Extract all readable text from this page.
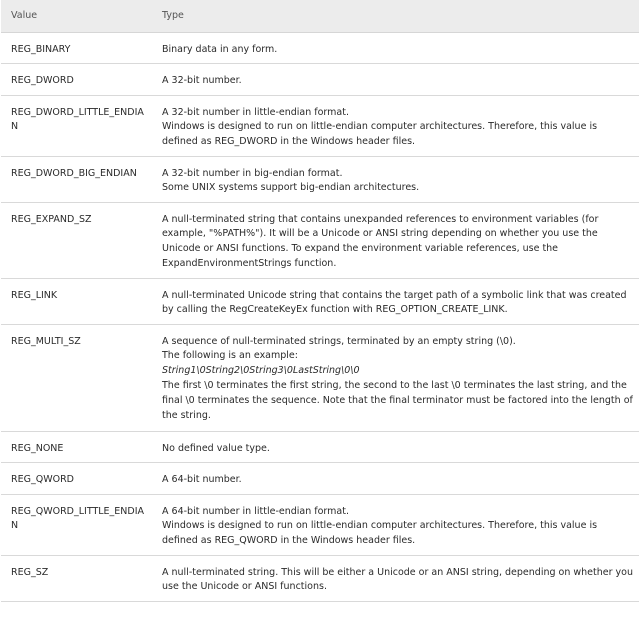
Value	Type
REG_BINARY	Binary data in any form.

REG_DWORD	A 32-bit number.

REG_DWORD_LITTLE_ENDIAN	A 32-bit number in little-endian format.
Windows is designed to run on little-endian computer architectures. Therefore, this value is defined as REG_DWORD in the Windows header files.

REG_DWORD_BIG_ENDIAN	A 32-bit number in big-endian format.
Some UNIX systems support big-endian architectures.

REG_EXPAND_SZ	A null-terminated string that contains unexpanded references to environment variables (for example, "%PATH%"). It will be a Unicode or ANSI string depending on whether you use the Unicode or ANSI functions. To expand the environment variable references, use the ExpandEnvironmentStrings function.

REG_LINK	A null-terminated Unicode string that contains the target path of a symbolic link that was created by calling the RegCreateKeyEx function with REG_OPTION_CREATE_LINK.

REG_MULTI_SZ	A sequence of null-terminated strings, terminated by an empty string (\0).
The following is an example:
String1\0String2\0String3\0LastString\0\0
The first \0 terminates the first string, the second to the last \0 terminates the last string, and the final \0 terminates the sequence. Note that the final terminator must be factored into the length of the string.

REG_NONE	No defined value type.

REG_QWORD	A 64-bit number.

REG_QWORD_LITTLE_ENDIAN	A 64-bit number in little-endian format.
Windows is designed to run on little-endian computer architectures. Therefore, this value is defined as REG_QWORD in the Windows header files.

REG_SZ	A null-terminated string. This will be either a Unicode or an ANSI string, depending on whether you use the Unicode or ANSI functions.
